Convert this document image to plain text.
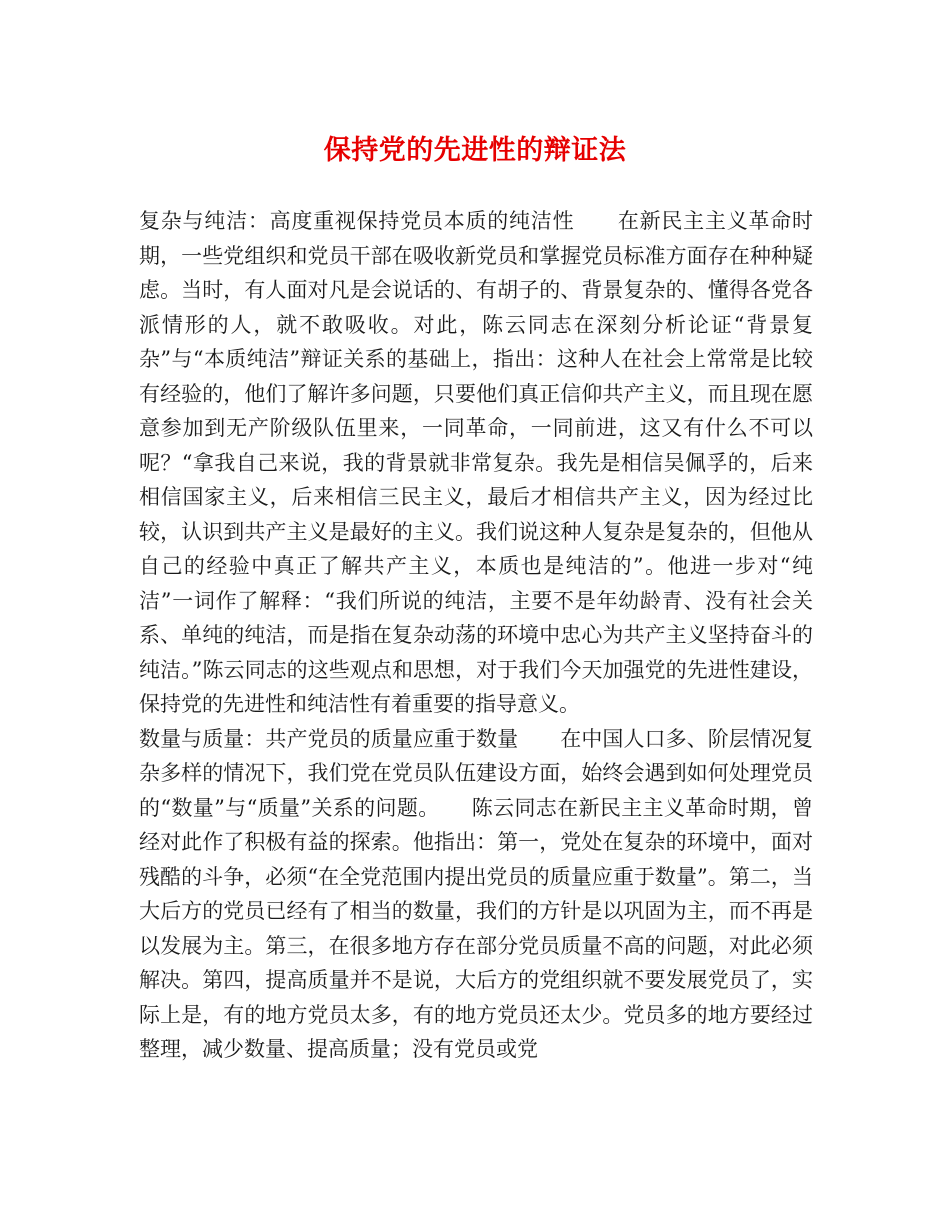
保持党的先进性的辩证法

复杂与纯洁：高度重视保持党员本质的纯洁性　　在新民主主义革命时期，一些党组织和党员干部在吸收新党员和掌握党员标准方面存在种种疑虑。当时，有人面对凡是会说话的、有胡子的、背景复杂的、懂得各党各派情形的人，就不敢吸收。对此，陈云同志在深刻分析论证“背景复杂”与“本质纯洁”辩证关系的基础上，指出：这种人在社会上常常是比较有经验的，他们了解许多问题，只要他们真正信仰共产主义，而且现在愿意参加到无产阶级队伍里来，一同革命，一同前进，这又有什么不可以呢？“拿我自己来说，我的背景就非常复杂。我先是相信吴佩孚的，后来相信国家主义，后来相信三民主义，最后才相信共产主义，因为经过比较，认识到共产主义是最好的主义。我们说这种人复杂是复杂的，但他从自己的经验中真正了解共产主义，本质也是纯洁的”。他进一步对“纯洁”一词作了解释：“我们所说的纯洁，主要不是年幼龄青、没有社会关系、单纯的纯洁，而是指在复杂动荡的环境中忠心为共产主义坚持奋斗的纯洁。”陈云同志的这些观点和思想，对于我们今天加强党的先进性建设，保持党的先进性和纯洁性有着重要的指导意义。

数量与质量：共产党员的质量应重于数量　　在中国人口多、阶层情况复杂多样的情况下，我们党在党员队伍建设方面，始终会遇到如何处理党员的“数量”与“质量”关系的问题。　　陈云同志在新民主主义革命时期，曾经对此作了积极有益的探索。他指出：第一，党处在复杂的环境中，面对残酷的斗争，必须“在全党范围内提出党员的质量应重于数量”。第二，当大后方的党员已经有了相当的数量，我们的方针是以巩固为主，而不再是以发展为主。第三，在很多地方存在部分党员质量不高的问题，对此必须解决。第四，提高质量并不是说，大后方的党组织就不要发展党员了，实际上是，有的地方党员太多，有的地方党员还太少。党员多的地方要经过整理，减少数量、提高质量；没有党员或党
